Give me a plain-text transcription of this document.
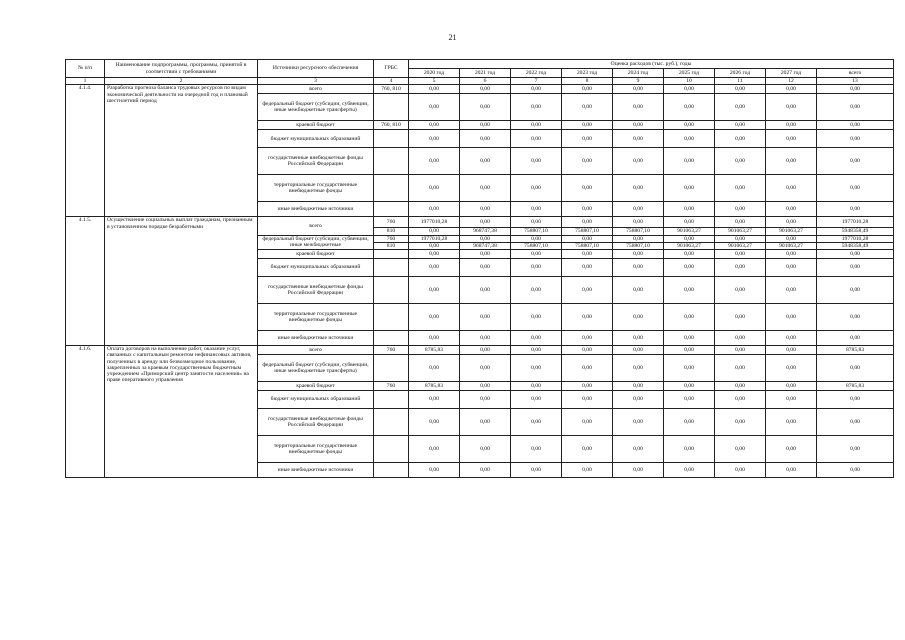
21
№ п/п	Наименование подпрограммы, программы, принятой в соответствии с требованиями	Источники ресурсного обеспечения	ГРБС	Оценка расходов (тыс. руб.), годы								
				2020 год	2021 год	2022 год	2023 год	2024 год	2025 год	2026 год	2027 год	всего
1	2	3	4	5	6	7	8	9	10	11	12	13
4.1.4.	Разработка прогноза баланса трудовых ресурсов по видам экономической деятельности на очередной год и плановый шестилетний период	всего	760, 810	0,00	0,00	0,00	0,00	0,00	0,00	0,00	0,00	0,00
		федеральный бюджет (субсидии, субвенции, иные межбюджетные трансферты)		0,00	0,00	0,00	0,00	0,00	0,00	0,00	0,00	0,00
		краевой бюджет	760, 810	0,00	0,00	0,00	0,00	0,00	0,00	0,00	0,00	0,00
		бюджет муниципальных образований		0,00	0,00	0,00	0,00	0,00	0,00	0,00	0,00	0,00
		государственные внебюджетные фонды Российской Федерации		0,00	0,00	0,00	0,00	0,00	0,00	0,00	0,00	0,00
		территориальные государственные внебюджетные фонды		0,00	0,00	0,00	0,00	0,00	0,00	0,00	0,00	0,00
		иные внебюджетные источники		0,00	0,00	0,00	0,00	0,00	0,00	0,00	0,00	0,00
4.1.5.	Осуществление социальных выплат гражданам, признанным в установленном порядке безработными	всего	760	1977010,28	0,00	0,00	0,00	0,00	0,00	0,00	0,00	1977010,28
			810	0,00	968747,38	758807,10	758807,10	758807,10	901063,27	901063,27	901063,27	5948358,49
		федеральный бюджет (субсидии, субвенции, иные межбюджетные	760	1977010,28	0,00	0,00	0,00	0,00	0,00	0,00	0,00	1977010,28
			810	0,00	968747,38	758807,10	758807,10	758807,10	901063,27	901063,27	901063,27	5948358,49
		краевой бюджет		0,00	0,00	0,00	0,00	0,00	0,00	0,00	0,00	0,00
		бюджет муниципальных образований		0,00	0,00	0,00	0,00	0,00	0,00	0,00	0,00	0,00
		государственные внебюджетные фонды Российской Федерации		0,00	0,00	0,00	0,00	0,00	0,00	0,00	0,00	0,00
		территориальные государственные внебюджетные фонды		0,00	0,00	0,00	0,00	0,00	0,00	0,00	0,00	0,00
		иные внебюджетные источники		0,00	0,00	0,00	0,00	0,00	0,00	0,00	0,00	0,00
4.1.6.	Оплата договоров на выполнение работ, оказание услуг, связанных с капитальным ремонтом нефинансовых активов, полученных в аренду или безвозмездное пользование, закрепленных за краевым государственным бюджетным учреждением «Приморский центр занятости населения» на праве оперативного управления	всего	760	8785,83	0,00	0,00	0,00	0,00	0,00	0,00	0,00	8785,83
		федеральный бюджет (субсидии, субвенции, иные межбюджетные трансферты)		0,00	0,00	0,00	0,00	0,00	0,00	0,00	0,00	0,00
		краевой бюджет	760	8785,83	0,00	0,00	0,00	0,00	0,00	0,00	0,00	8785,83
		бюджет муниципальных образований		0,00	0,00	0,00	0,00	0,00	0,00	0,00	0,00	0,00
		государственные внебюджетные фонды Российской Федерации		0,00	0,00	0,00	0,00	0,00	0,00	0,00	0,00	0,00
		территориальные государственные внебюджетные фонды		0,00	0,00	0,00	0,00	0,00	0,00	0,00	0,00	0,00
		иные внебюджетные источники		0,00	0,00	0,00	0,00	0,00	0,00	0,00	0,00	0,00
